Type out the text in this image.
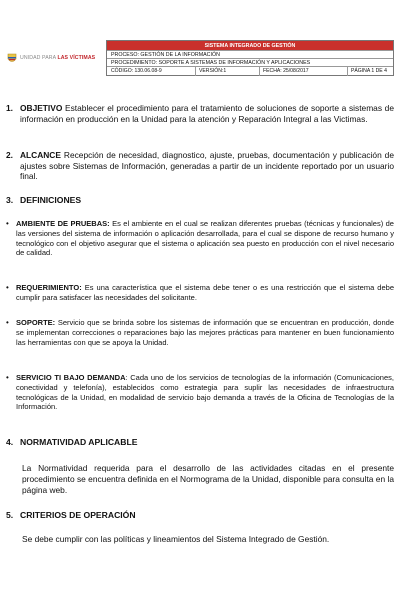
UNIDAD PARA LAS VÍCTIMAS
SISTEMA INTEGRADO DE GESTIÓN
PROCESO: GESTIÓN DE LA INFORMACIÓN
PROCEDIMIENTO: SOPORTE A SISTEMAS DE INFORMACIÓN Y APLICACIONES
CÓDIGO: 130.06.08-9	VERSIÓN:1	FECHA: 25/08/2017	PÁGINA 1 DE 4
1. OBJETIVO Establecer el procedimiento para el tratamiento de soluciones de soporte a sistemas de información en producción en la Unidad para la atención y Reparación Integral a las Victimas.
2. ALCANCE Recepción de necesidad, diagnostico, ajuste, pruebas, documentación y publicación de ajustes sobre Sistemas de Información, generadas a partir de un incidente reportado por un usuario final.
3. DEFINICIONES
• AMBIENTE DE PRUEBAS: Es el ambiente en el cual se realizan diferentes pruebas (técnicas y funcionales) de las versiones del sistema de información o aplicación desarrollada, para el cual se dispone de recurso humano y tecnológico con el objetivo asegurar que el sistema o aplicación sea puesto en producción con el nivel necesario de calidad.
• REQUERIMIENTO: Es una característica que el sistema debe tener o es una restricción que el sistema debe cumplir para satisfacer las necesidades del solicitante.
• SOPORTE: Servicio que se brinda sobre los sistemas de información que se encuentran en producción, donde se implementan correcciones o reparaciones bajo las mejores prácticas para mantener en buen funcionamiento las herramientas con que se apoya la Unidad.
• SERVICIO TI BAJO DEMANDA: Cada uno de los servicios de tecnologías de la información (Comunicaciones, conectividad y telefonía), establecidos como estrategia para suplir las necesidades de infraestructura tecnológicas de la Unidad, en modalidad de servicio bajo demanda a través de la Oficina de Tecnologías de la Información.
4. NORMATIVIDAD APLICABLE
La Normatividad requerida para el desarrollo de las actividades citadas en el presente procedimiento se encuentra definida en el Normograma de la Unidad, disponible para consulta en la página web.
5. CRITERIOS DE OPERACIÓN
Se debe cumplir con las políticas y lineamientos del Sistema Integrado de Gestión.
